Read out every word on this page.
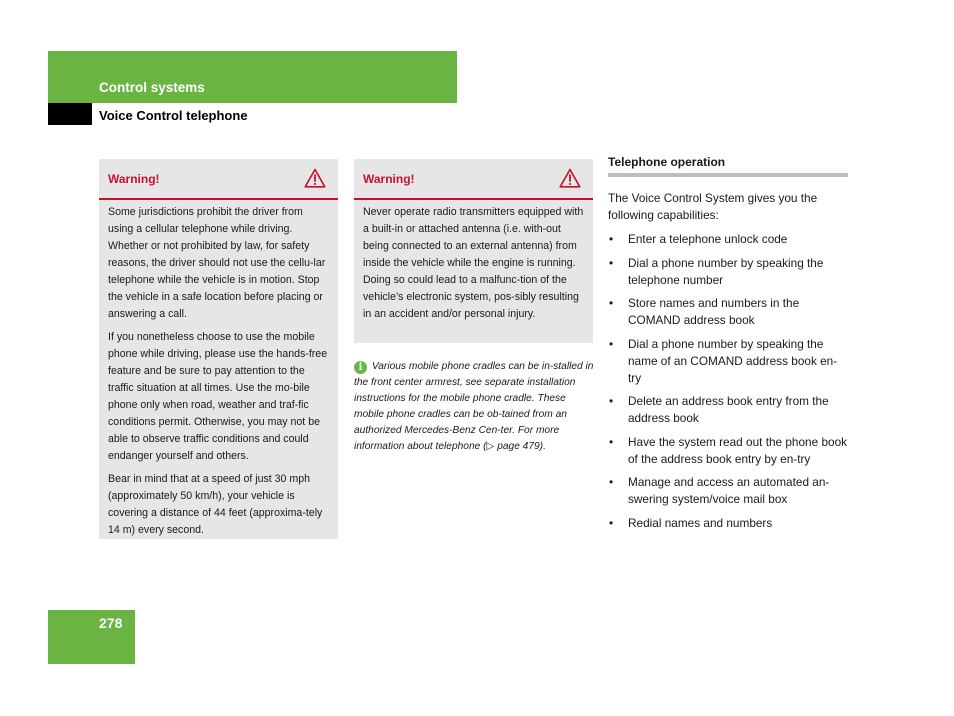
Control systems
Voice Control telephone
Warning!

Some jurisdictions prohibit the driver from using a cellular telephone while driving. Whether or not prohibited by law, for safety reasons, the driver should not use the cellu-lar telephone while the vehicle is in motion. Stop the vehicle in a safe location before placing or answering a call.

If you nonetheless choose to use the mobile phone while driving, please use the hands-free feature and be sure to pay attention to the traffic situation at all times. Use the mo-bile phone only when road, weather and traf-fic conditions permit. Otherwise, you may not be able to observe traffic conditions and could endanger yourself and others.

Bear in mind that at a speed of just 30 mph (approximately 50 km/h), your vehicle is covering a distance of 44 feet (approxima-tely 14 m) every second.

Warning!

Never operate radio transmitters equipped with a built-in or attached antenna (i.e. with-out being connected to an external antenna) from inside the vehicle while the engine is running. Doing so could lead to a malfunc-tion of the vehicle’s electronic system, pos-sibly resulting in an accident and/or personal injury.

i Various mobile phone cradles can be in-stalled in the front center armrest, see separate installation instructions for the mobile phone cradle. These mobile phone cradles can be ob-tained from an authorized Mercedes-Benz Cen-ter. For more information about telephone (▷ page 479).
Telephone operation

The Voice Control System gives you the following capabilities:

• Enter a telephone unlock code
• Dial a phone number by speaking the telephone number
• Store names and numbers in the COMAND address book
• Dial a phone number by speaking the name of an COMAND address book en-try
• Delete an address book entry from the address book
• Have the system read out the phone book of the address book entry by en-try
• Manage and access an automated an-swering system/voice mail box
• Redial names and numbers
278
